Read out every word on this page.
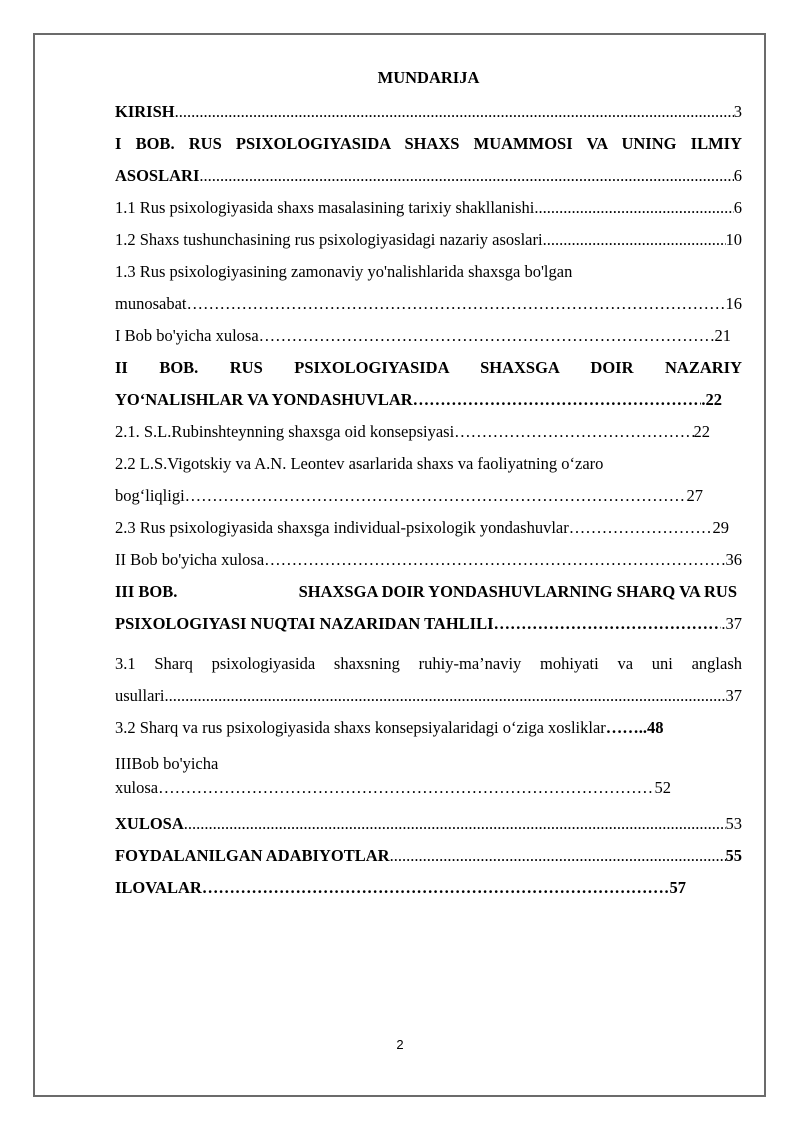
MUNDARIJA
KIRISH .....	3
I BOB. RUS PSIXOLOGIYASIDA SHAXS MUAMMOSI VA UNING ILMIY
ASOSLARI .....	6
1.1 Rus psixologiyasida shaxs masalasining tarixiy shakllanishi .....	6
1.2 Shaxs tushunchasining rus psixologiyasidagi nazariy asoslari .....	10
1.3 Rus psixologiyasining zamonaviy yo'nalishlarida shaxsga bo'lgan
munosabat ……………………………………………………………………………………………………………………………………………………………	16
I Bob bo'yicha xulosa ……………………………………………………………………………………………………………………………………………………………	21
II BOB. RUS PSIXOLOGIYASIDA SHAXSGA DOIR NAZARIY
YO‘NALISHLAR VA YONDASHUVLAR ……………………………………………………………………………………………………………………………………………………………	.22
2.1. S.L.Rubinshteynning shaxsga oid konsepsiyasi ……………………………………………………………………………………………………………………………………………………………	22
2.2 L.S.Vigotskiy va A.N. Leontev asarlarida shaxs va faoliyatning o‘zaro
bog‘liqligi ……………………………………………………………………………………………………………………………………………………………	27
2.3 Rus psixologiyasida shaxsga individual-psixologik yondashuvlar ……………………………………………………………………………………………………………………………………………………………	29
II Bob bo'yicha xulosa ……………………………………………………………………………………………………………………………………………………………	36
III BOB.	SHAXSGA DOIR YONDASHUVLARNING SHARQ VA RUS
PSIXOLOGIYASI NUQTAI NAZARIDAN TAHLILI ……………………………………………………………………………………………………………………………………………………………	.37
3.1 Sharq psixologiyasida shaxsning ruhiy-ma’naviy mohiyati va uni anglash
usullari .....	37
3.2 Sharq va rus psixologiyasida shaxs konsepsiyalaridagi o‘ziga xosliklar …….. 48
IIIBob bo'yicha
xulosa ……………………………………………………………………………………………………………………………………………………………	52
XULOSA .....	53
FOYDALANILGAN ADABIYOTLAR .....	55
ILOVALAR ……………………………………………………………………………………………………………………………………………………………	57
2
